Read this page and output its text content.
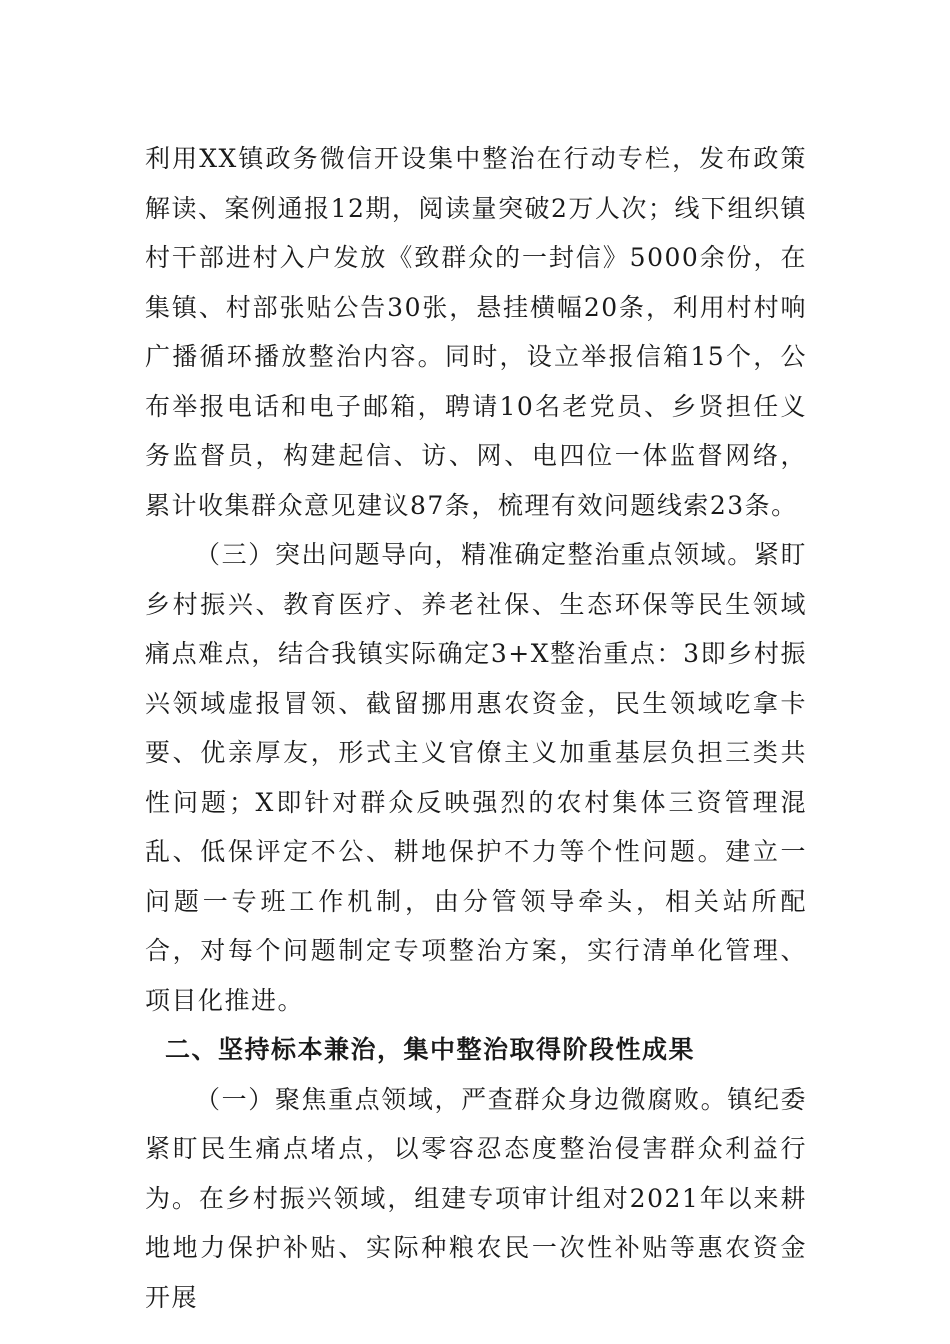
利用XX镇政务微信开设集中整治在行动专栏，发布政策解读、案例通报12期，阅读量突破2万人次；线下组织镇村干部进村入户发放《致群众的一封信》5000余份，在集镇、村部张贴公告30张，悬挂横幅20条，利用村村响广播循环播放整治内容。同时，设立举报信箱15个，公布举报电话和电子邮箱，聘请10名老党员、乡贤担任义务监督员，构建起信、访、网、电四位一体监督网络，累计收集群众意见建议87条，梳理有效问题线索23条。

（三）突出问题导向，精准确定整治重点领域。紧盯乡村振兴、教育医疗、养老社保、生态环保等民生领域痛点难点，结合我镇实际确定3+X整治重点：3即乡村振兴领域虚报冒领、截留挪用惠农资金，民生领域吃拿卡要、优亲厚友，形式主义官僚主义加重基层负担三类共性问题；X即针对群众反映强烈的农村集体三资管理混乱、低保评定不公、耕地保护不力等个性问题。建立一问题一专班工作机制，由分管领导牵头，相关站所配合，对每个问题制定专项整治方案，实行清单化管理、项目化推进。

二、坚持标本兼治，集中整治取得阶段性成果

（一）聚焦重点领域，严查群众身边微腐败。镇纪委紧盯民生痛点堵点，以零容忍态度整治侵害群众利益行为。在乡村振兴领域，组建专项审计组对2021年以来耕地地力保护补贴、实际种粮农民一次性补贴等惠农资金开展
